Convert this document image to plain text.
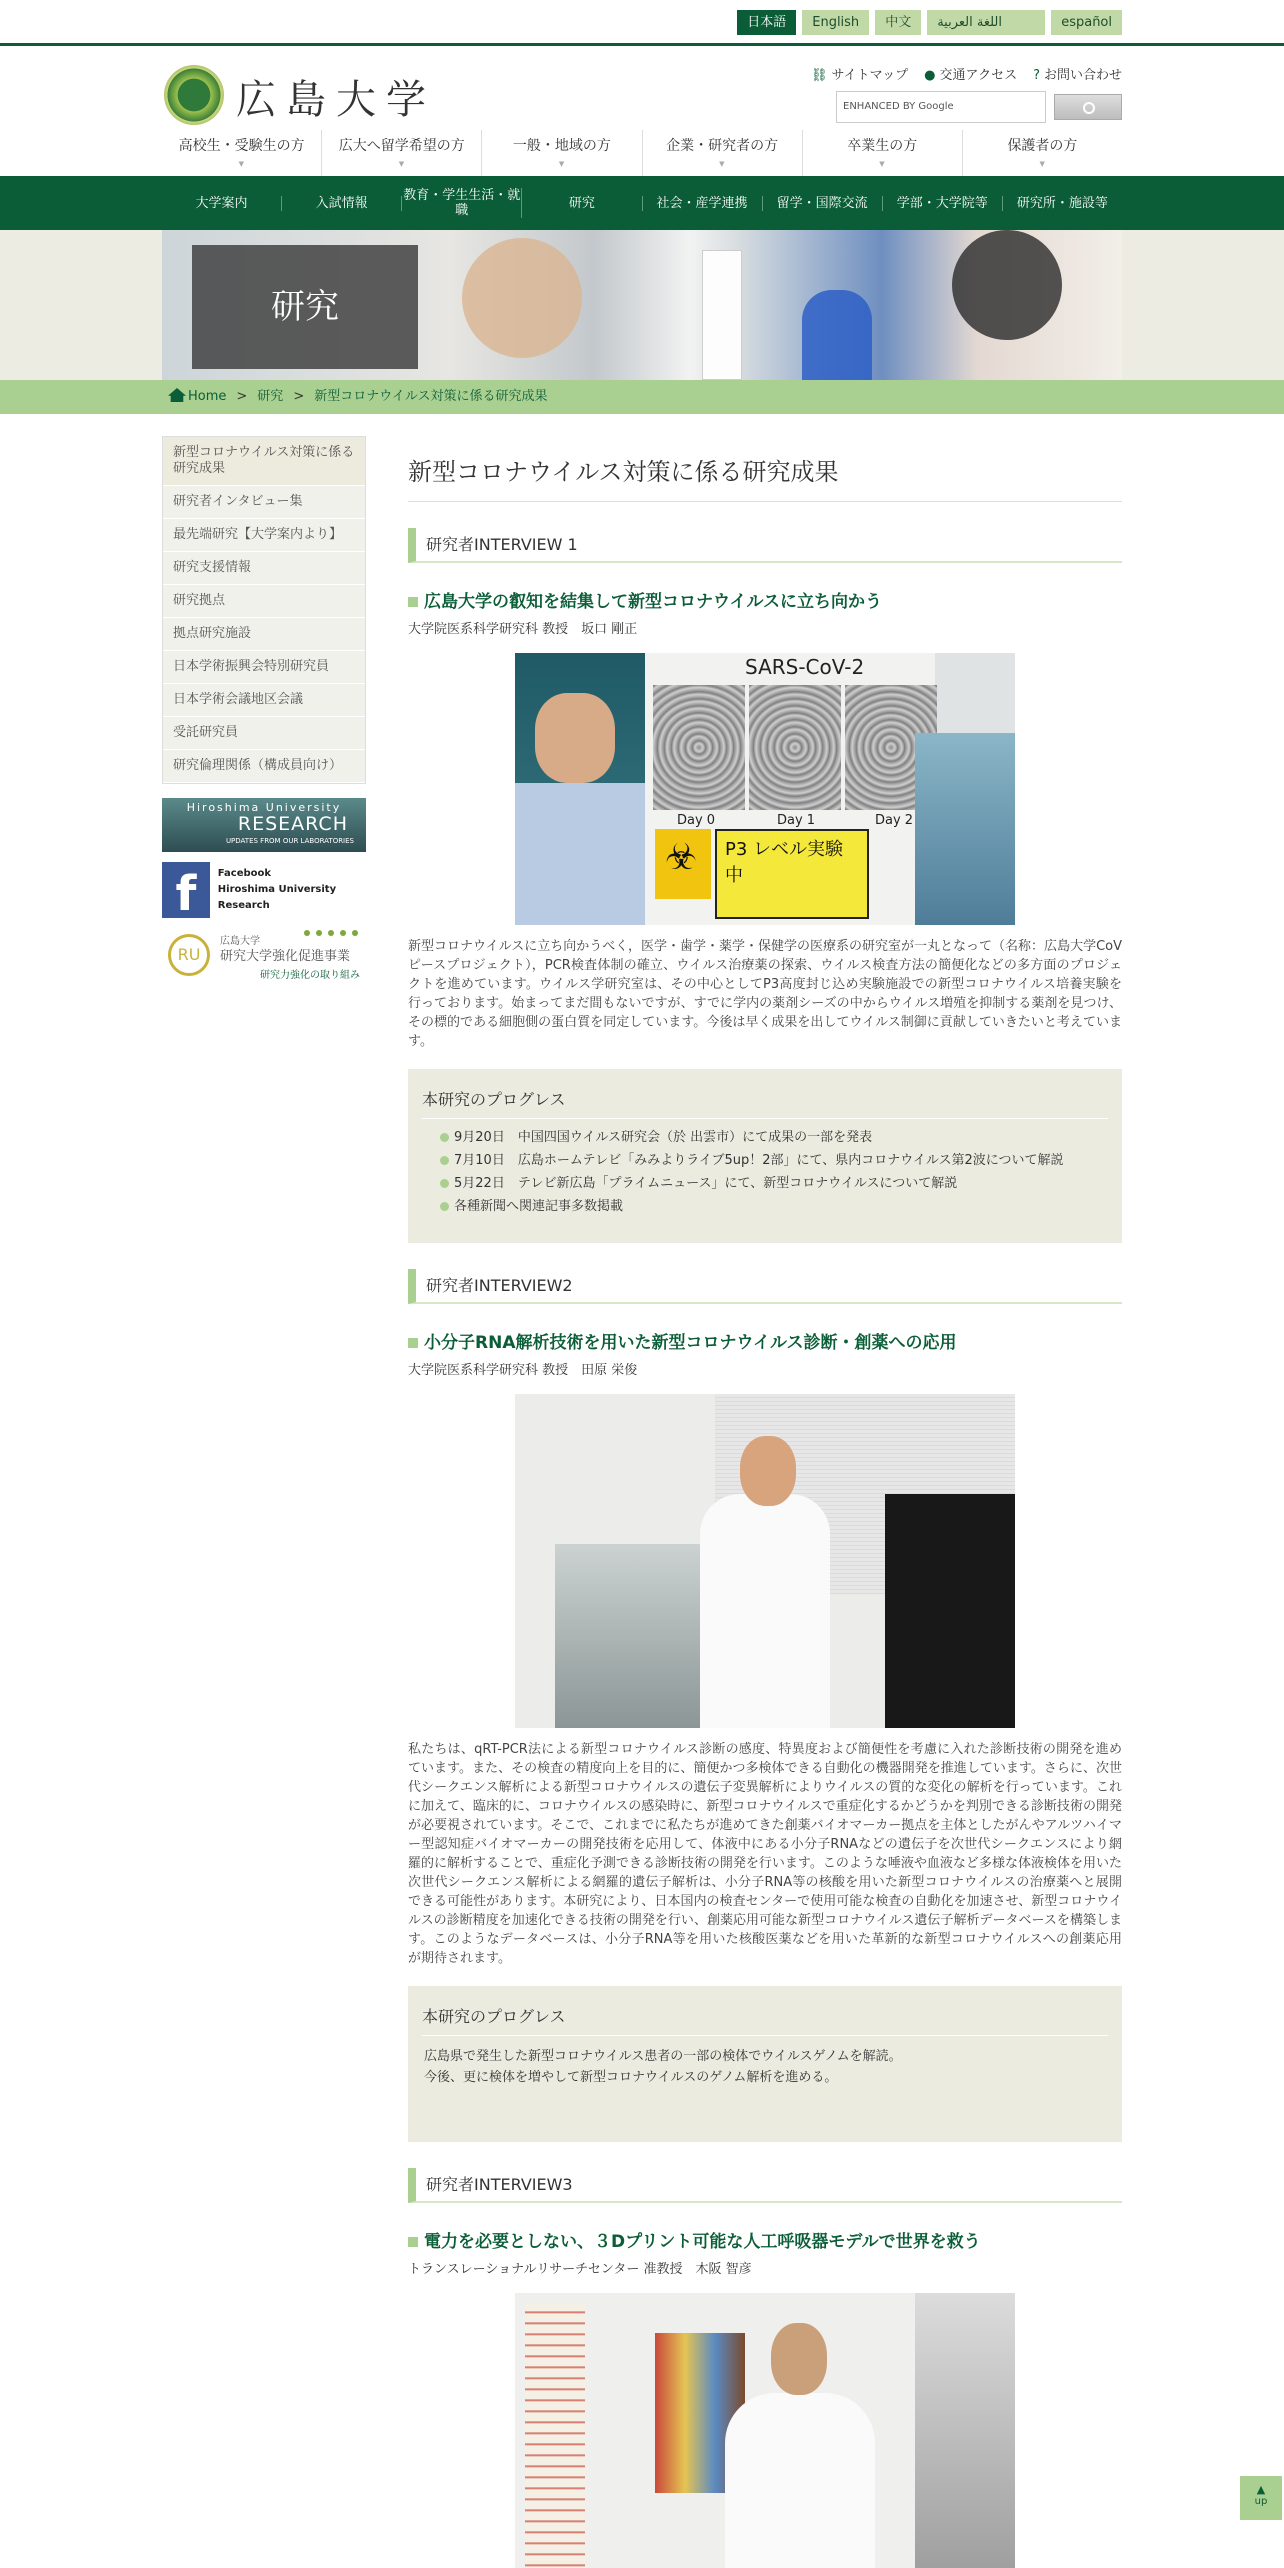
日本語	English	中文	اللغة العربية	español
広島大学
⛓ サイトマップ ● 交通アクセス ? お問い合わせ
ENHANCED BY Google
高校生・受験生の方 ▼	広大へ留学希望の方 ▼	一般・地域の方 ▼	企業・研究者の方 ▼	卒業生の方 ▼	保護者の方 ▼
大学案内	入試情報	教育・学生生活・就職	研究	社会・産学連携	留学・国際交流	学部・大学院等	研究所・施設等
研究
Home > 研究 > 新型コロナウイルス対策に係る研究成果
新型コロナウイルス対策に係る研究成果
研究者インタビュー集
最先端研究【大学案内より】
研究支援情報
研究拠点
拠点研究施設
日本学術振興会特別研究員
日本学術会議地区会議
受託研究員
研究倫理関係（構成員向け）
Hiroshima University
RESEARCH
UPDATES FROM OUR LABORATORIES
f	Facebook
Hiroshima University Research
RU
広島大学
研究大学強化促進事業
研究力強化の取り組み
新型コロナウイルス対策に係る研究成果
研究者INTERVIEW 1
広島大学の叡知を結集して新型コロナウイルスに立ち向かう
大学院医系科学研究科 教授　坂口 剛正
SARS-CoV-2
Day 0	Day 1	Day 2
☣
P3 レベル実験中
新型コロナウイルスに立ち向かうべく，医学・歯学・薬学・保健学の医療系の研究室が一丸となって（名称：広島大学CoVピースプロジェクト），PCR検査体制の確立、ウイルス治療薬の探索、ウイルス検査方法の簡便化などの多方面のプロジェクトを進めています。ウイルス学研究室は、その中心としてP3高度封じ込め実験施設での新型コロナウイルス培養実験を行っております。始まってまだ間もないですが、すでに学内の薬剤シーズの中からウイルス増殖を抑制する薬剤を見つけ、その標的である細胞側の蛋白質を同定しています。今後は早く成果を出してウイルス制御に貢献していきたいと考えています。
本研究のプログレス
9月20日　中国四国ウイルス研究会（於 出雲市）にて成果の一部を発表
7月10日　広島ホームテレビ「みみよりライブ5up！2部」にて、県内コロナウイルス第2波について解説
5月22日　テレビ新広島「プライムニュース」にて、新型コロナウイルスについて解説
各種新聞へ関連記事多数掲載
研究者INTERVIEW2
小分子RNA解析技術を用いた新型コロナウイルス診断・創薬への応用
大学院医系科学研究科 教授　田原 栄俊
私たちは、qRT-PCR法による新型コロナウイルス診断の感度、特異度および簡便性を考慮に入れた診断技術の開発を進めています。また、その検査の精度向上を目的に、簡便かつ多検体できる自動化の機器開発を推進しています。さらに、次世代シークエンス解析による新型コロナウイルスの遺伝子変異解析によりウイルスの質的な変化の解析を行っています。これに加えて、臨床的に、コロナウイルスの感染時に、新型コロナウイルスで重症化するかどうかを判別できる診断技術の開発が必要視されています。そこで、これまでに私たちが進めてきた創薬バイオマーカー拠点を主体としたがんやアルツハイマー型認知症バイオマーカーの開発技術を応用して、体液中にある小分子RNAなどの遺伝子を次世代シークエンスにより網羅的に解析することで、重症化予測できる診断技術の開発を行います。このような唾液や血液など多様な体液検体を用いた次世代シークエンス解析による網羅的遺伝子解析は、小分子RNA等の核酸を用いた新型コロナウイルスの治療薬へと展開できる可能性があります。本研究により、日本国内の検査センターで使用可能な検査の自動化を加速させ、新型コロナウイルスの診断精度を加速化できる技術の開発を行い、創薬応用可能な新型コロナウイルス遺伝子解析データベースを構築します。このようなデータベースは、小分子RNA等を用いた核酸医薬などを用いた革新的な新型コロナウイルスへの創薬応用が期待されます。
本研究のプログレス

広島県で発生した新型コロナウイルス患者の一部の検体でウイルスゲノムを解読。

今後、更に検体を増やして新型コロナウイルスのゲノム解析を進める。

研究者INTERVIEW3
電力を必要としない、３Dプリント可能な人工呼吸器モデルで世界を救う
トランスレーショナルリサーチセンター 准教授　木阪 智彦
▲ up
